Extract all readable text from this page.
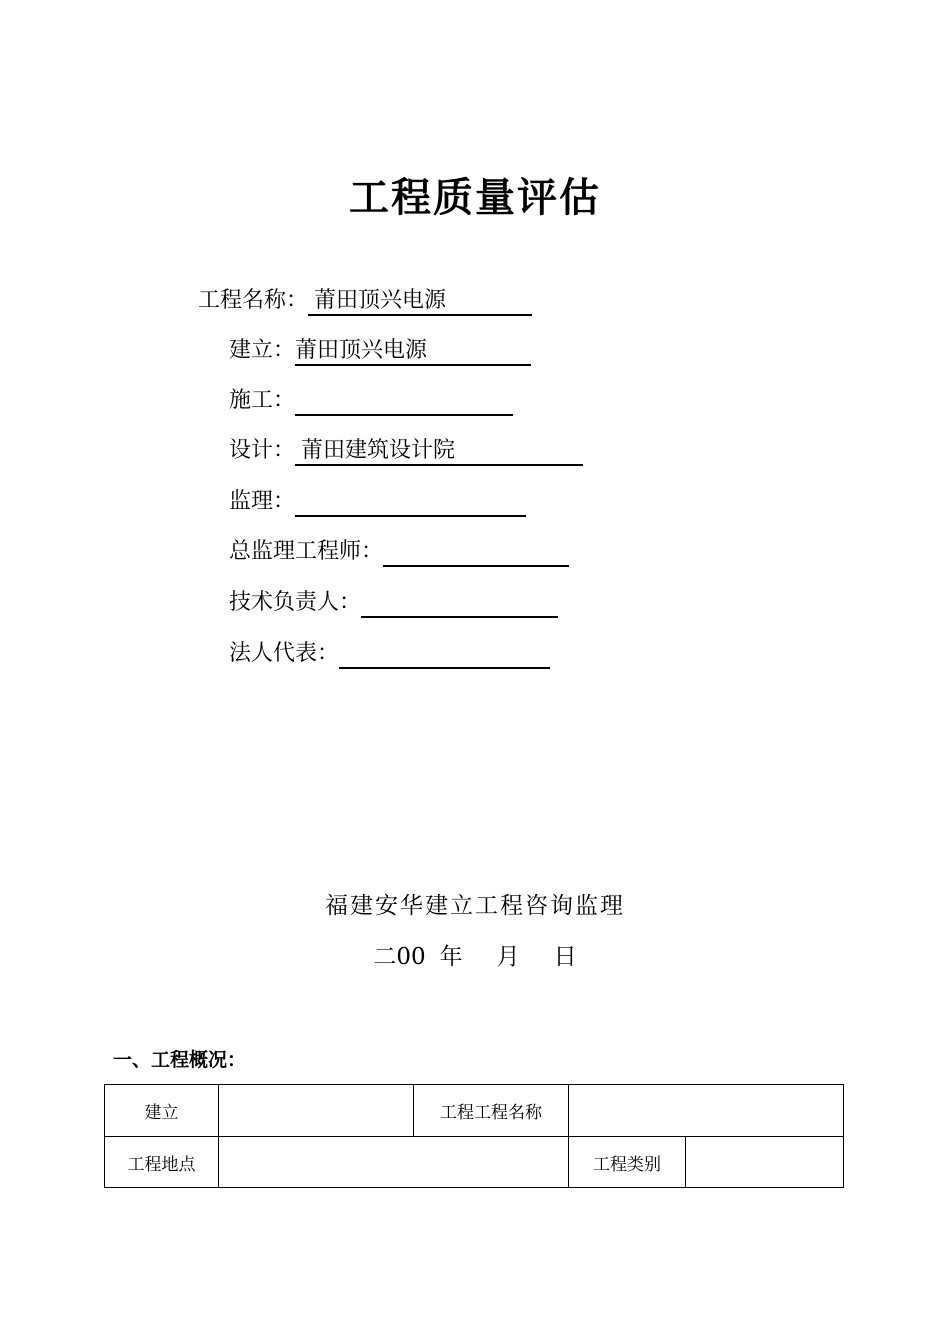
工程质量评估
工程名称： 莆田顶兴电源
建立： 莆田顶兴电源
施工：
设计： 莆田建筑设计院
监理：
总监理工程师：
技术负责人：
法人代表：
福建安华建立工程咨询监理
二00 年 月 日
一、工程概况：
建立	工程工程名称
工程地点	工程类别
